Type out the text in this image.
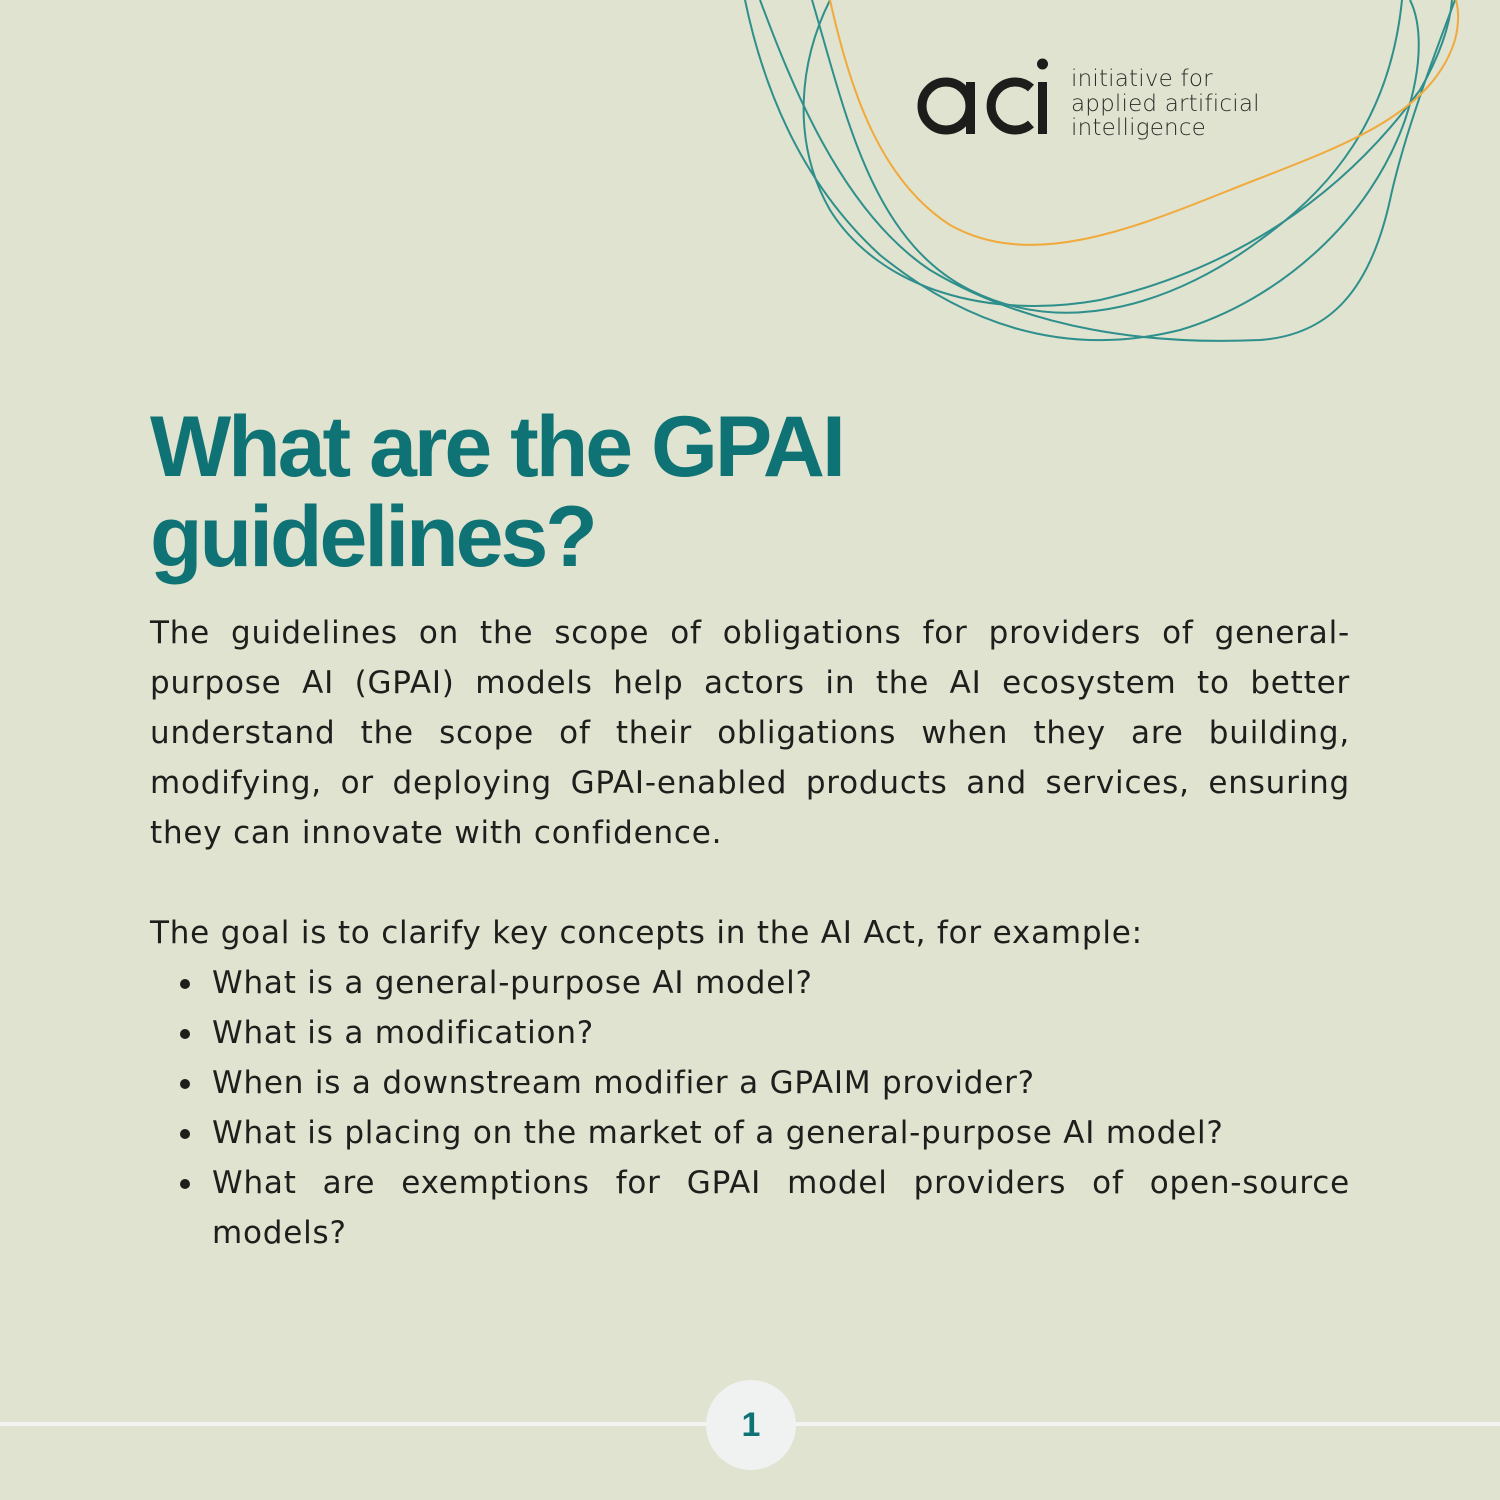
initiative for
applied artificial
intelligence
What are the GPAI
guidelines?

The guidelines on the scope of obligations for providers of general-purpose AI (GPAI) models help actors in the AI ecosystem to better understand the scope of their obligations when they are building, modifying, or deploying GPAI-enabled products and services, ensuring they can innovate with confidence.

The goal is to clarify key concepts in the AI Act, for example:

What is a general-purpose AI model?
What is a modification?
When is a downstream modifier a GPAIM provider?
What is placing on the market of a general-purpose AI model?
What are exemptions for GPAI model providers of open-source models?
1
